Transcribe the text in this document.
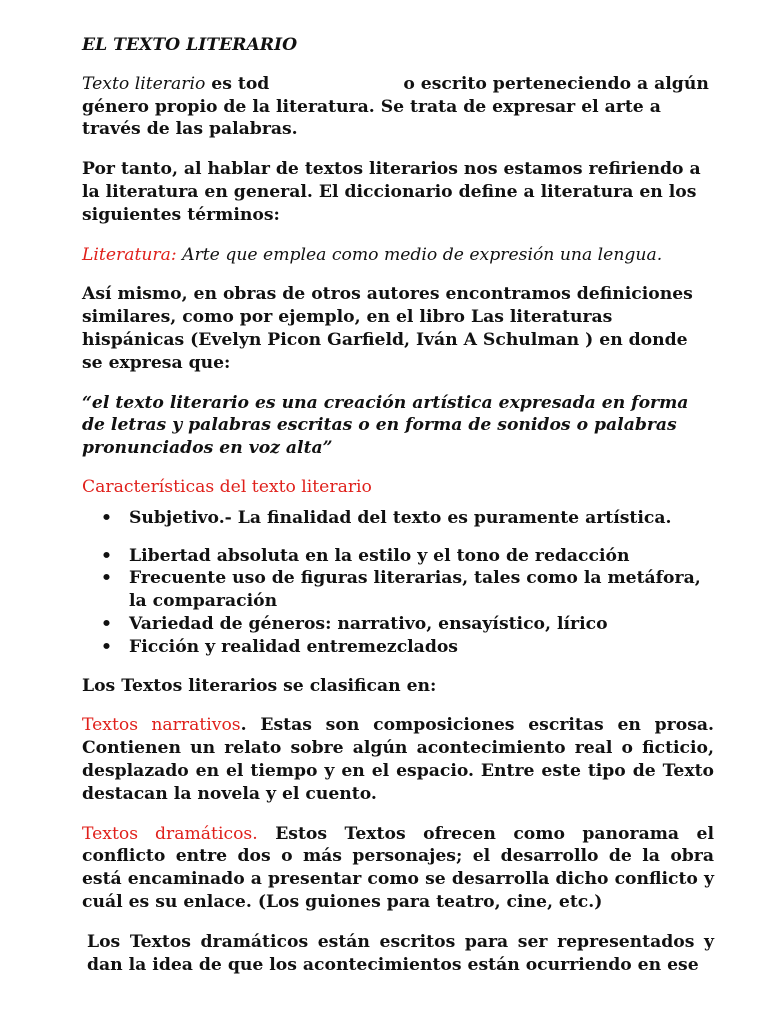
EL TEXTO LITERARIO

Texto literario es tod	o escrito perteneciendo a algún género propio de la literatura. Se trata de expresar el arte a través de las palabras.

Por tanto, al hablar de textos literarios nos estamos refiriendo a la literatura en general. El diccionario define a literatura en los siguientes términos:

Literatura: Arte que emplea como medio de expresión una lengua.

Así mismo, en obras de otros autores encontramos definiciones similares, como por ejemplo, en el libro Las literaturas hispánicas (Evelyn Picon Garfield, Iván A Schulman ) en donde se expresa que:

“el texto literario es una creación artística expresada en forma de letras y palabras escritas o en forma de sonidos o palabras pronunciados en voz alta”

Características del texto literario

• Subjetivo.- La finalidad del texto es puramente artística.
• Libertad absoluta en la estilo y el tono de redacción
• Frecuente uso de figuras literarias, tales como la metáfora, la comparación
• Variedad de géneros: narrativo, ensayístico, lírico
• Ficción y realidad entremezclados

Los Textos literarios se clasifican en:

Textos narrativos. Estas son composiciones escritas en prosa. Contienen un relato sobre algún acontecimiento real o ficticio, desplazado en el tiempo y en el espacio. Entre este tipo de Texto destacan la novela y el cuento.

Textos dramáticos. Estos Textos ofrecen como panorama el conflicto entre dos o más personajes; el desarrollo de la obra está encaminado a presentar como se desarrolla dicho conflicto y cuál es su enlace. (Los guiones para teatro, cine, etc.)

Los Textos dramáticos están escritos para ser representados y dan la idea de que los acontecimientos están ocurriendo en ese
